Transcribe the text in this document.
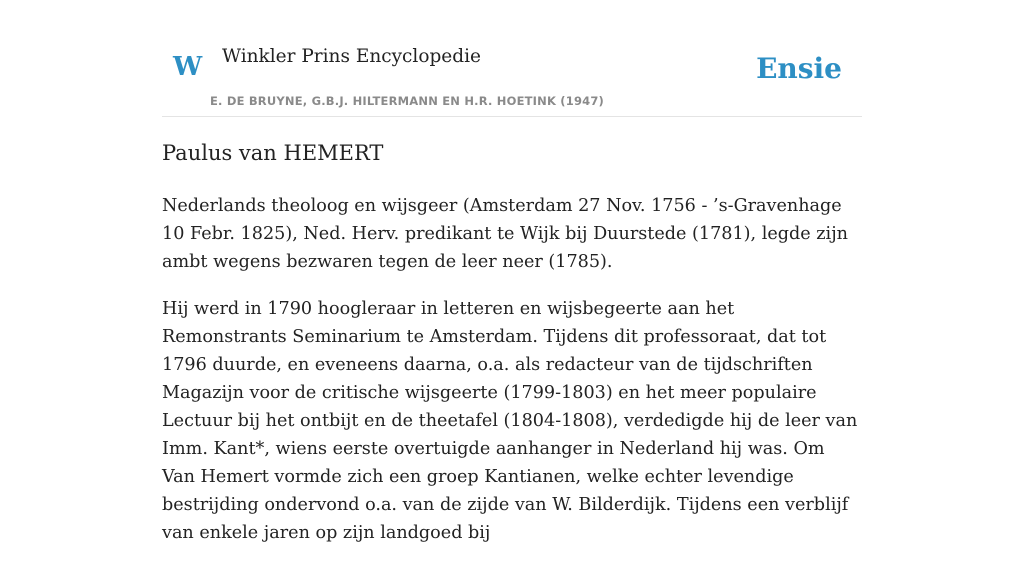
W Winkler Prins Encyclopedie
E. DE BRUYNE, G.B.J. HILTERMANN EN H.R. HOETINK (1947)
Ensie
Paulus van HEMERT

Nederlands theoloog en wijsgeer (Amsterdam 27 Nov. 1756 - ’s-Gravenhage 10 Febr. 1825), Ned. Herv. predikant te Wijk bij Duurstede (1781), legde zijn ambt wegens bezwaren tegen de leer neer (1785).

Hij werd in 1790 hoogleraar in letteren en wijsbegeerte aan het Remonstrants Seminarium te Amsterdam. Tijdens dit professoraat, dat tot 1796 duurde, en eveneens daarna, o.a. als redacteur van de tijdschriften Magazijn voor de critische wijsgeerte (1799-1803) en het meer populaire Lectuur bij het ontbijt en de theetafel (1804-1808), verdedigde hij de leer van Imm. Kant*, wiens eerste overtuigde aanhanger in Nederland hij was. Om Van Hemert vormde zich een groep Kantianen, welke echter levendige bestrijding ondervond o.a. van de zijde van W. Bilderdijk. Tijdens een verblijf van enkele jaren op zijn landgoed bij
